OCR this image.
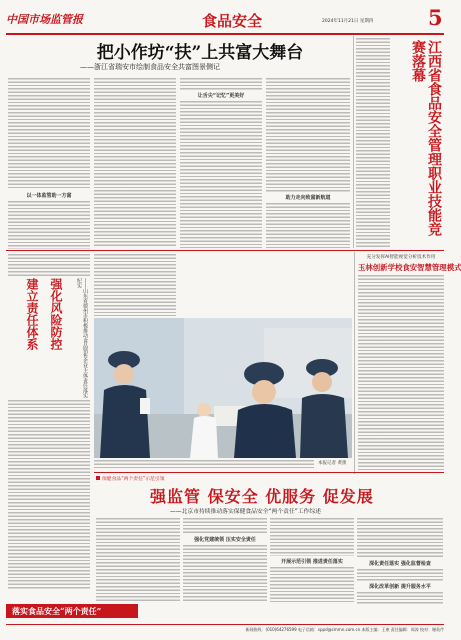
中国市场监管报	食品安全	2024年11月21日 星期四	5
把小作坊“扶”上共富大舞台
——浙江省瑞安市绘制食品安全共富图景侧记
以一体监管助一方富
让舌尖“记忆”更美好
助力走向致富新航道	江西省食品安全管理职业技能竞赛落幕
建立责任体系 强化风险防控	——山东省德州市积极推动食品销售企业主体责任落实纪实
本报记者 黄蕾
充分发挥AI智能视觉分析技术作用
玉林创新学校食安智慧管理模式
保健食品“两个责任”示范引领
强监管 保安全 优服务 促发展
——北京市持续推动落实保健食品安全“两个责任”工作综述
强化党建统领 压实安全责任
开展示范引领 推进责任落实	深化责任落实 强化监督检查
深化改革创新 提升服务水平
落实食品安全“两个责任”
新闻热线：(010)64276599 电子信箱：sppd@cmrnn.com.cn 本版主编：王康 责任编辑：周涛 校对：谢英芹
